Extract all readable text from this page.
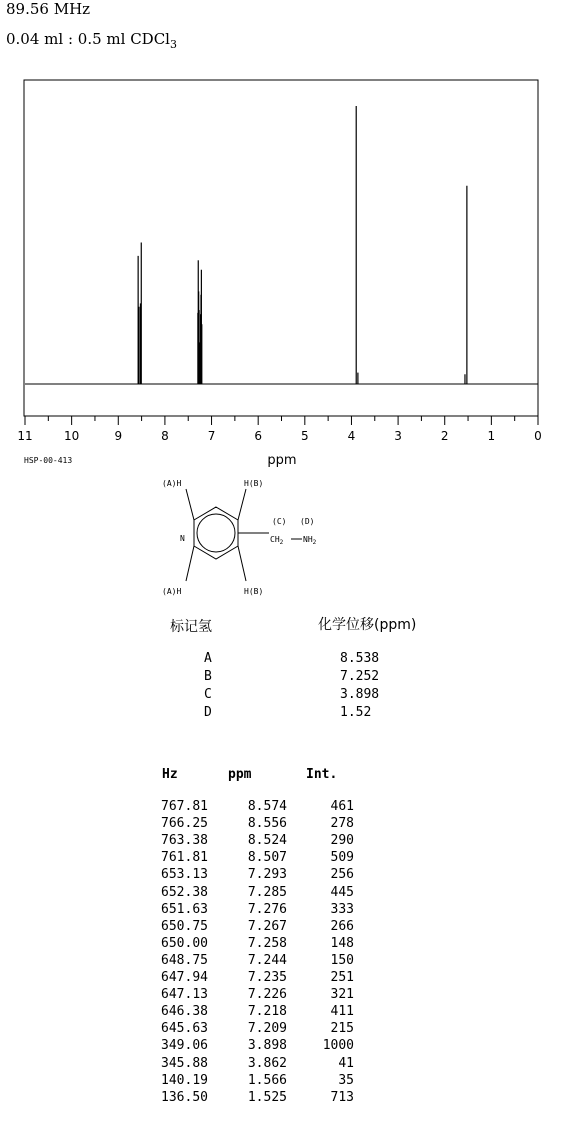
89.56 MHz
0.04 ml : 0.5 ml CDCl$_3$
11	10	9	8	7	6	5	4	3	2	1	0
ppm
HSP-00-413
(A)H	H(B)
(C) (D)
N	$CH_2$ $NH_2$
(A)H	H(B)
标记氢	化学位移(ppm)
A	8.538
B	7.252
C	3.898
D	1.52
Hz	ppm	Int.
767.81	8.574	461
766.25	8.556	278
763.38	8.524	290
761.81	8.507	509
653.13	7.293	256
652.38	7.285	445
651.63	7.276	333
650.75	7.267	266
650.00	7.258	148
648.75	7.244	150
647.94	7.235	251
647.13	7.226	321
646.38	7.218	411
645.63	7.209	215
349.06	3.898	1000
345.88	3.862	41
140.19	1.566	35
136.50	1.525	713
